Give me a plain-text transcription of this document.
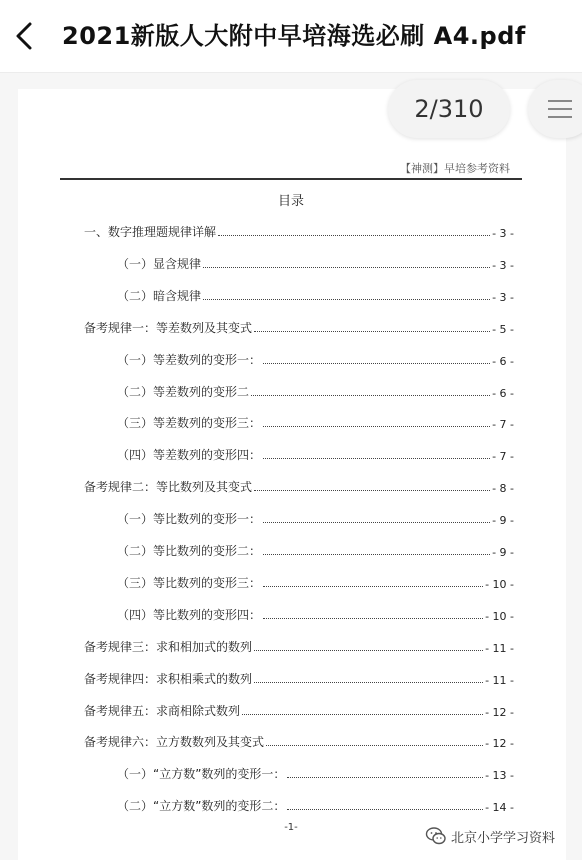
2021新版人大附中早培海选必刷 A4.pdf
2/310
【神测】早培参考资料
目录
一、数字推理题规律详解	- 3 -
（一）显含规律	- 3 -
（二）暗含规律	- 3 -
备考规律一：等差数列及其变式	- 5 -
（一）等差数列的变形一：	- 6 -
（二）等差数列的变形二	- 6 -
（三）等差数列的变形三：	- 7 -
（四）等差数列的变形四：	- 7 -
备考规律二：等比数列及其变式	- 8 -
（一）等比数列的变形一：	- 9 -
（二）等比数列的变形二：	- 9 -
（三）等比数列的变形三：	- 10 -
（四）等比数列的变形四：	- 10 -
备考规律三：求和相加式的数列	- 11 -
备考规律四：求积相乘式的数列	- 11 -
备考规律五：求商相除式数列	- 12 -
备考规律六：立方数数列及其变式	- 12 -
（一）“立方数”数列的变形一：	- 13 -
（二）“立方数”数列的变形二：	- 14 -
-1-
北京小学学习资料
